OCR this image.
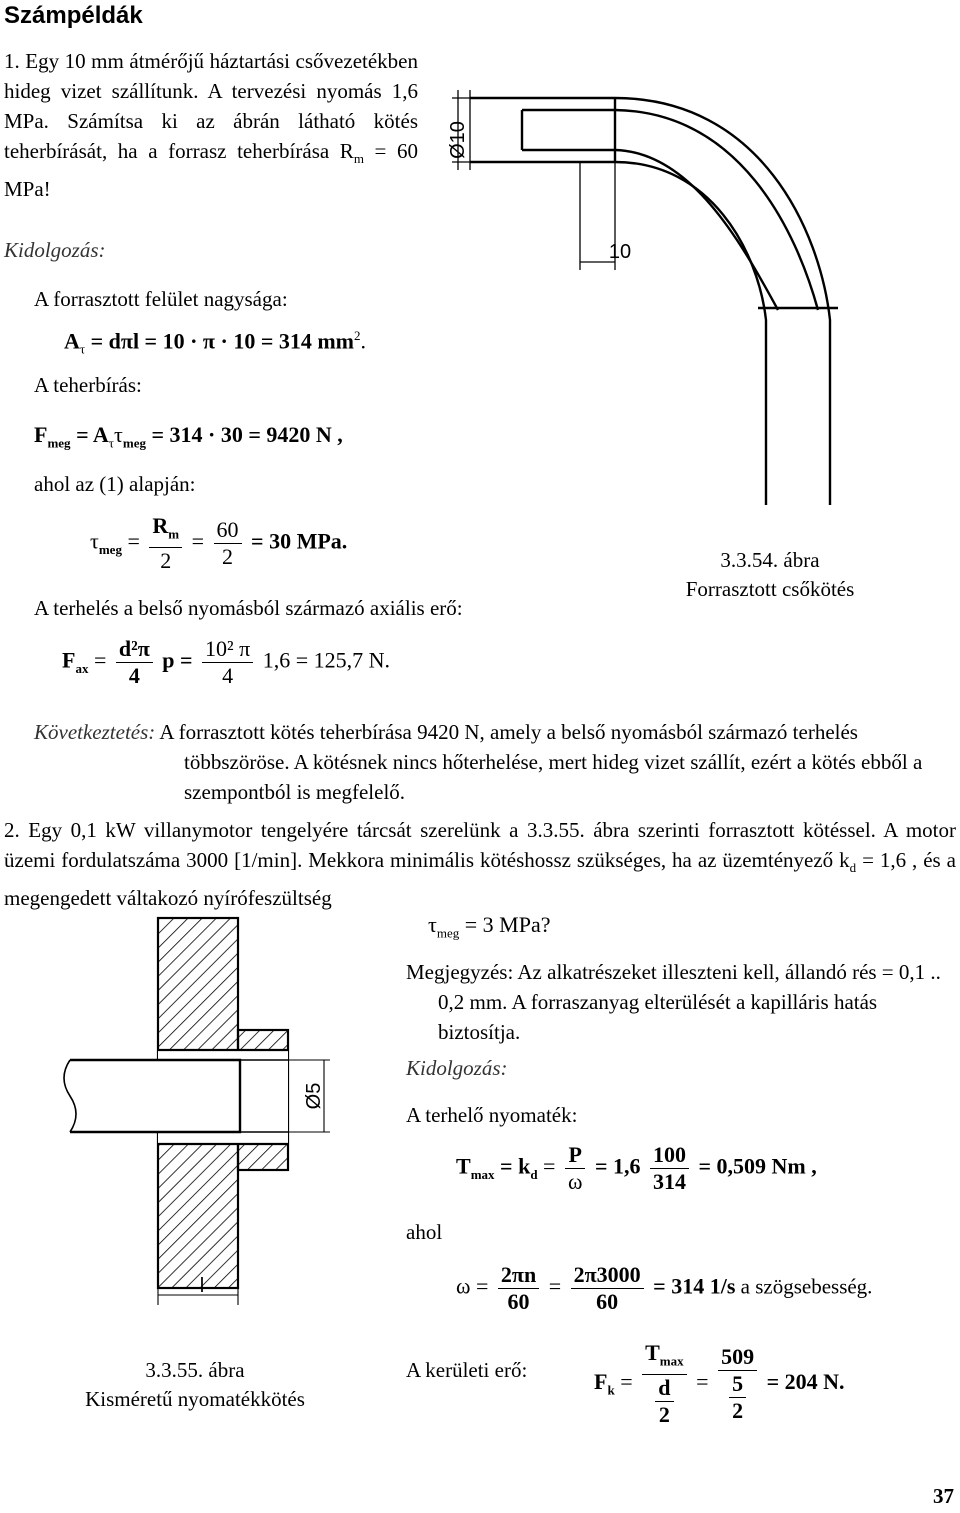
Számpéldák
1. Egy 10 mm átmérőjű háztartási csővezetékben hideg vizet szállítunk. A tervezési nyomás 1,6 MPa. Számítsa ki az ábrán látható kötés teherbírását, ha a forrasz teherbírása $R_m = 60$ MPa!
Kidolgozás:
A forrasztott felület nagysága:
$A_\tau = d\pi l = 10 \cdot \pi \cdot 10 = 314$ $mm^2$.
A teherbírás:
$F_{meg} = A_\tau\tau_{meg} = 314 \cdot 30 = 9420$ N ,
ahol az (1) alapján:
$\tau_{meg} = \frac{R_m}{2} = \frac{60}{2} = 30$ MPa.
A terhelés a belső nyomásból származó axiális erő:
$F_{ax} = \frac{\text{d²π}}{4}$ $p = \frac{\text{10² π}}{4} 1,6 = 125,7$ N.
Ø10
10
3.3.54. ábra
Forrasztott csőkötés
Következtetés: A forrasztott kötés teherbírása 9420 N, amely a belső nyomásból származó terhelés többszöröse. A kötésnek nincs hőterhelése, mert hideg vizet szállít, ezért a kötés ebből a szempontból is megfelelő.
2. Egy 0,1 kW villanymotor tengelyére tárcsát szerelünk a 3.3.55. ábra szerinti forrasztott kötéssel. A motor üzemi fordulatszáma 3000 [1/min]. Mekkora minimális kötéshossz szükséges, ha az üzemtényező $k_d = 1,6$ , és a megengedett váltakozó nyírófeszültség
$\tau_{meg} = 3$ MPa?
Ø5
l
3.3.55. ábra
Kisméretű nyomatékkötés
Megjegyzés: Az alkatrészeket illeszteni kell, állandó rés = 0,1 .. 0,2 mm. A forraszanyag elterülését a kapilláris hatás biztosítja.
Kidolgozás:
A terhelő nyomaték:
$T_{max} = k_d = \frac{P}{\omega} = 1,6 \frac{100}{314} = 0,509$ Nm ,
ahol
$\omega = \frac{2\pi n}{60} = \frac{2\pi 3000}{60} = 314$ 1/s a szögsebesség.
A kerületi erő:	$F_k = \frac{T_{max}}{\frac{d}{2}} = \frac{509}{\frac{5}{2}} = 204$ N.
37
